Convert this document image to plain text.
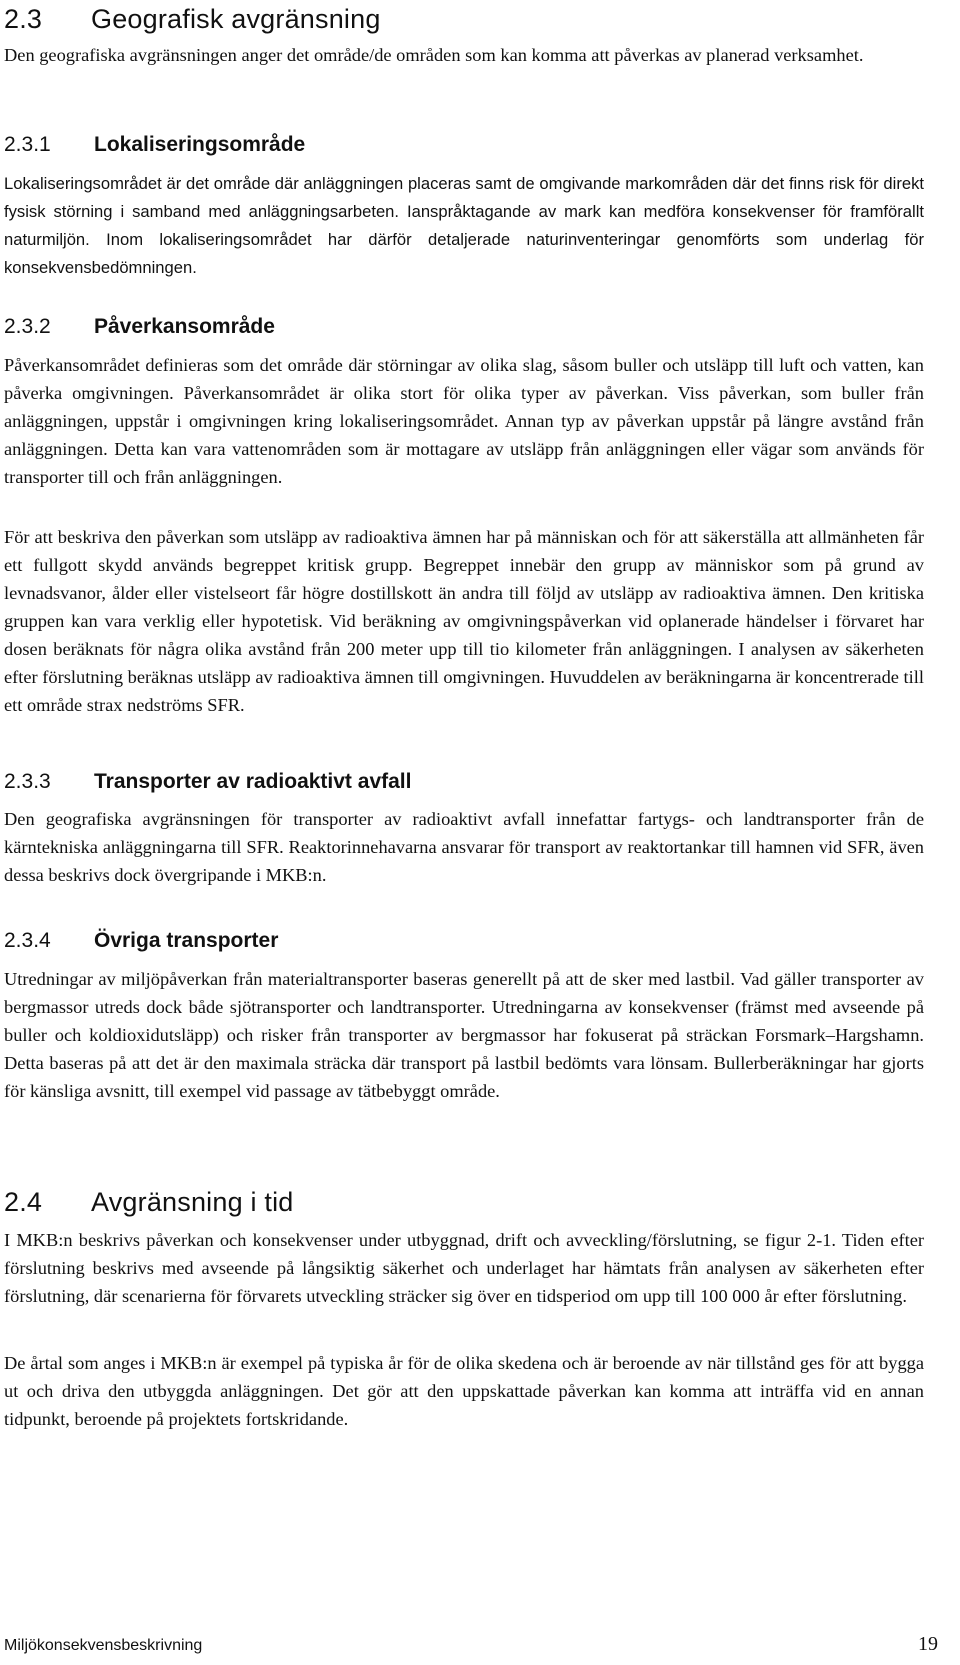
2.3 Geografisk avgränsning

Den geografiska avgränsningen anger det område/de områden som kan komma att påverkas av planerad verksamhet.

2.3.1 Lokaliseringsområde

Lokaliseringsområdet är det område där anläggningen placeras samt de omgivande markområden där det finns risk för direkt fysisk störning i samband med anläggningsarbeten. Ianspråktagande av mark kan medföra konsekvenser för framförallt naturmiljön. Inom lokaliseringsområdet har därför detaljerade naturinventeringar genomförts som underlag för konsekvensbedömningen.

2.3.2 Påverkansområde

Påverkansområdet definieras som det område där störningar av olika slag, såsom buller och utsläpp till luft och vatten, kan påverka omgivningen. Påverkansområdet är olika stort för olika typer av påverkan. Viss påverkan, som buller från anläggningen, uppstår i omgivningen kring lokaliseringsområdet. Annan typ av påverkan uppstår på längre avstånd från anläggningen. Detta kan vara vattenområden som är mottagare av utsläpp från anläggningen eller vägar som används för transporter till och från anläggningen.

För att beskriva den påverkan som utsläpp av radioaktiva ämnen har på människan och för att säkerställa att allmänheten får ett fullgott skydd används begreppet kritisk grupp. Begreppet innebär den grupp av människor som på grund av levnadsvanor, ålder eller vistelseort får högre dostillskott än andra till följd av utsläpp av radioaktiva ämnen. Den kritiska gruppen kan vara verklig eller hypotetisk. Vid beräkning av omgivningspåverkan vid oplanerade händelser i förvaret har dosen beräknats för några olika avstånd från 200 meter upp till tio kilometer från anläggningen. I analysen av säkerheten efter förslutning beräknas utsläpp av radioaktiva ämnen till omgivningen. Huvuddelen av beräkningarna är koncentrerade till ett område strax nedströms SFR.

2.3.3 Transporter av radioaktivt avfall

Den geografiska avgränsningen för transporter av radioaktivt avfall innefattar fartygs- och landtransporter från de kärntekniska anläggningarna till SFR. Reaktorinnehavarna ansvarar för transport av reaktortankar till hamnen vid SFR, även dessa beskrivs dock övergripande i MKB:n.

2.3.4 Övriga transporter

Utredningar av miljöpåverkan från materialtransporter baseras generellt på att de sker med lastbil. Vad gäller transporter av bergmassor utreds dock både sjötransporter och landtransporter. Utredningarna av konsekvenser (främst med avseende på buller och koldioxidutsläpp) och risker från transporter av bergmassor har fokuserat på sträckan Forsmark–Hargshamn. Detta baseras på att det är den maximala sträcka där transport på lastbil bedömts vara lönsam. Bullerberäkningar har gjorts för känsliga avsnitt, till exempel vid passage av tätbebyggt område.

2.4 Avgränsning i tid

I MKB:n beskrivs påverkan och konsekvenser under utbyggnad, drift och avveckling/förslutning, se figur 2-1. Tiden efter förslutning beskrivs med avseende på långsiktig säkerhet och underlaget har hämtats från analysen av säkerheten efter förslutning, där scenarierna för förvarets utveckling sträcker sig över en tidsperiod om upp till 100 000 år efter förslutning.

De årtal som anges i MKB:n är exempel på typiska år för de olika skedena och är beroende av när tillstånd ges för att bygga ut och driva den utbyggda anläggningen. Det gör att den uppskattade påverkan kan komma att inträffa vid en annan tidpunkt, beroende på projektets fortskridande.

Miljökonsekvensbeskrivning	19
